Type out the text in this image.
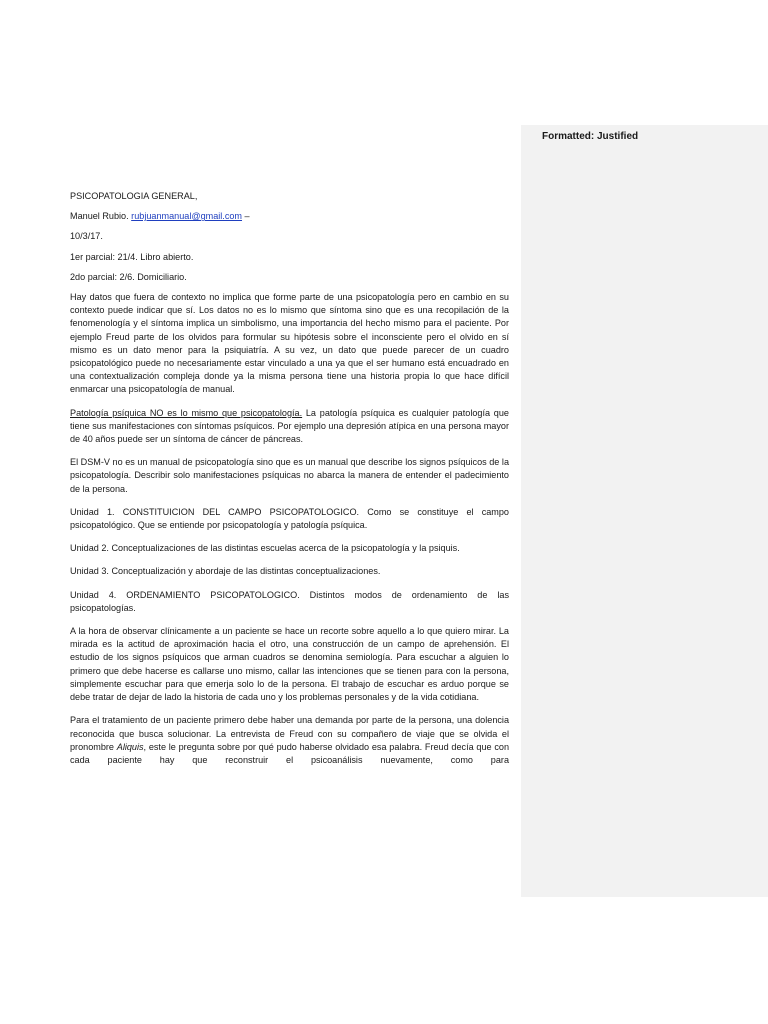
PSICOPATOLOGIA GENERAL,

Manuel Rubio. rubjuanmanual@gmail.com –

10/3/17.

1er parcial: 21/4. Libro abierto.

2do parcial: 2/6. Domiciliario.

Hay datos que fuera de contexto no implica que forme parte de una psicopatología pero en cambio en su contexto puede indicar que sí. Los datos no es lo mismo que síntoma sino que es una recopilación de la fenomenología y el síntoma implica un simbolismo, una importancia del hecho mismo para el paciente. Por ejemplo Freud parte de los olvidos para formular su hipótesis sobre el inconsciente pero el olvido en sí mismo es un dato menor para la psiquiatría. A su vez, un dato que puede parecer de un cuadro psicopatológico puede no necesariamente estar vinculado a una ya que el ser humano está encuadrado en una contextualización compleja donde ya la misma persona tiene una historia propia lo que hace difícil enmarcar una psicopatología de manual.

Patología psíquica NO es lo mismo que psicopatología. La patología psíquica es cualquier patología que tiene sus manifestaciones con síntomas psíquicos. Por ejemplo una depresión atípica en una persona mayor de 40 años puede ser un síntoma de cáncer de páncreas.

El DSM-V no es un manual de psicopatología sino que es un manual que describe los signos psíquicos de la psicopatología. Describir solo manifestaciones psíquicas no abarca la manera de entender el padecimiento de la persona.

Unidad 1. CONSTITUICION DEL CAMPO PSICOPATOLOGICO. Como se constituye el campo psicopatológico. Que se entiende por psicopatología y patología psíquica.

Unidad 2. Conceptualizaciones de las distintas escuelas acerca de la psicopatología y la psiquis.

Unidad 3. Conceptualización y abordaje de las distintas conceptualizaciones.

Unidad 4. ORDENAMIENTO PSICOPATOLOGICO. Distintos modos de ordenamiento de las psicopatologías.

A la hora de observar clínicamente a un paciente se hace un recorte sobre aquello a lo que quiero mirar. La mirada es la actitud de aproximación hacia el otro, una construcción de un campo de aprehensión. El estudio de los signos psíquicos que arman cuadros se denomina semiología. Para escuchar a alguien lo primero que debe hacerse es callarse uno mismo, callar las intenciones que se tienen para con la persona, simplemente escuchar para que emerja solo lo de la persona. El trabajo de escuchar es arduo porque se debe tratar de dejar de lado la historia de cada uno y los problemas personales y de la vida cotidiana.

Para el tratamiento de un paciente primero debe haber una demanda por parte de la persona, una dolencia reconocida que busca solucionar. La entrevista de Freud con su compañero de viaje que se olvida el pronombre Aliquis, este le pregunta sobre por qué pudo haberse olvidado esa palabra. Freud decía que con cada paciente hay que reconstruir el psicoanálisis nuevamente, como para

Formatted: Justified
